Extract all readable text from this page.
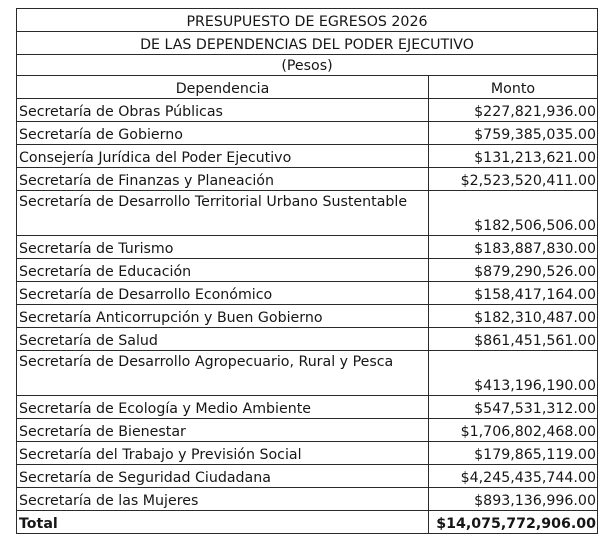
PRESUPUESTO DE EGRESOS 2026	
DE LAS DEPENDENCIAS DEL PODER EJECUTIVO	
(Pesos)	
Dependencia	Monto
Secretaría de Obras Públicas	$227,821,936.00
Secretaría de Gobierno	$759,385,035.00
Consejería Jurídica del Poder Ejecutivo	$131,213,621.00
Secretaría de Finanzas y Planeación	$2,523,520,411.00
Secretaría de Desarrollo Territorial Urbano Sustentable	$182,506,506.00
Secretaría de Turismo	$183,887,830.00
Secretaría de Educación	$879,290,526.00
Secretaría de Desarrollo Económico	$158,417,164.00
Secretaría Anticorrupción y Buen Gobierno	$182,310,487.00
Secretaría de Salud	$861,451,561.00
Secretaría de Desarrollo Agropecuario, Rural y Pesca	$413,196,190.00
Secretaría de Ecología y Medio Ambiente	$547,531,312.00
Secretaría de Bienestar	$1,706,802,468.00
Secretaría del Trabajo y Previsión Social	$179,865,119.00
Secretaría de Seguridad Ciudadana	$4,245,435,744.00
Secretaría de las Mujeres	$893,136,996.00
Total	$14,075,772,906.00
